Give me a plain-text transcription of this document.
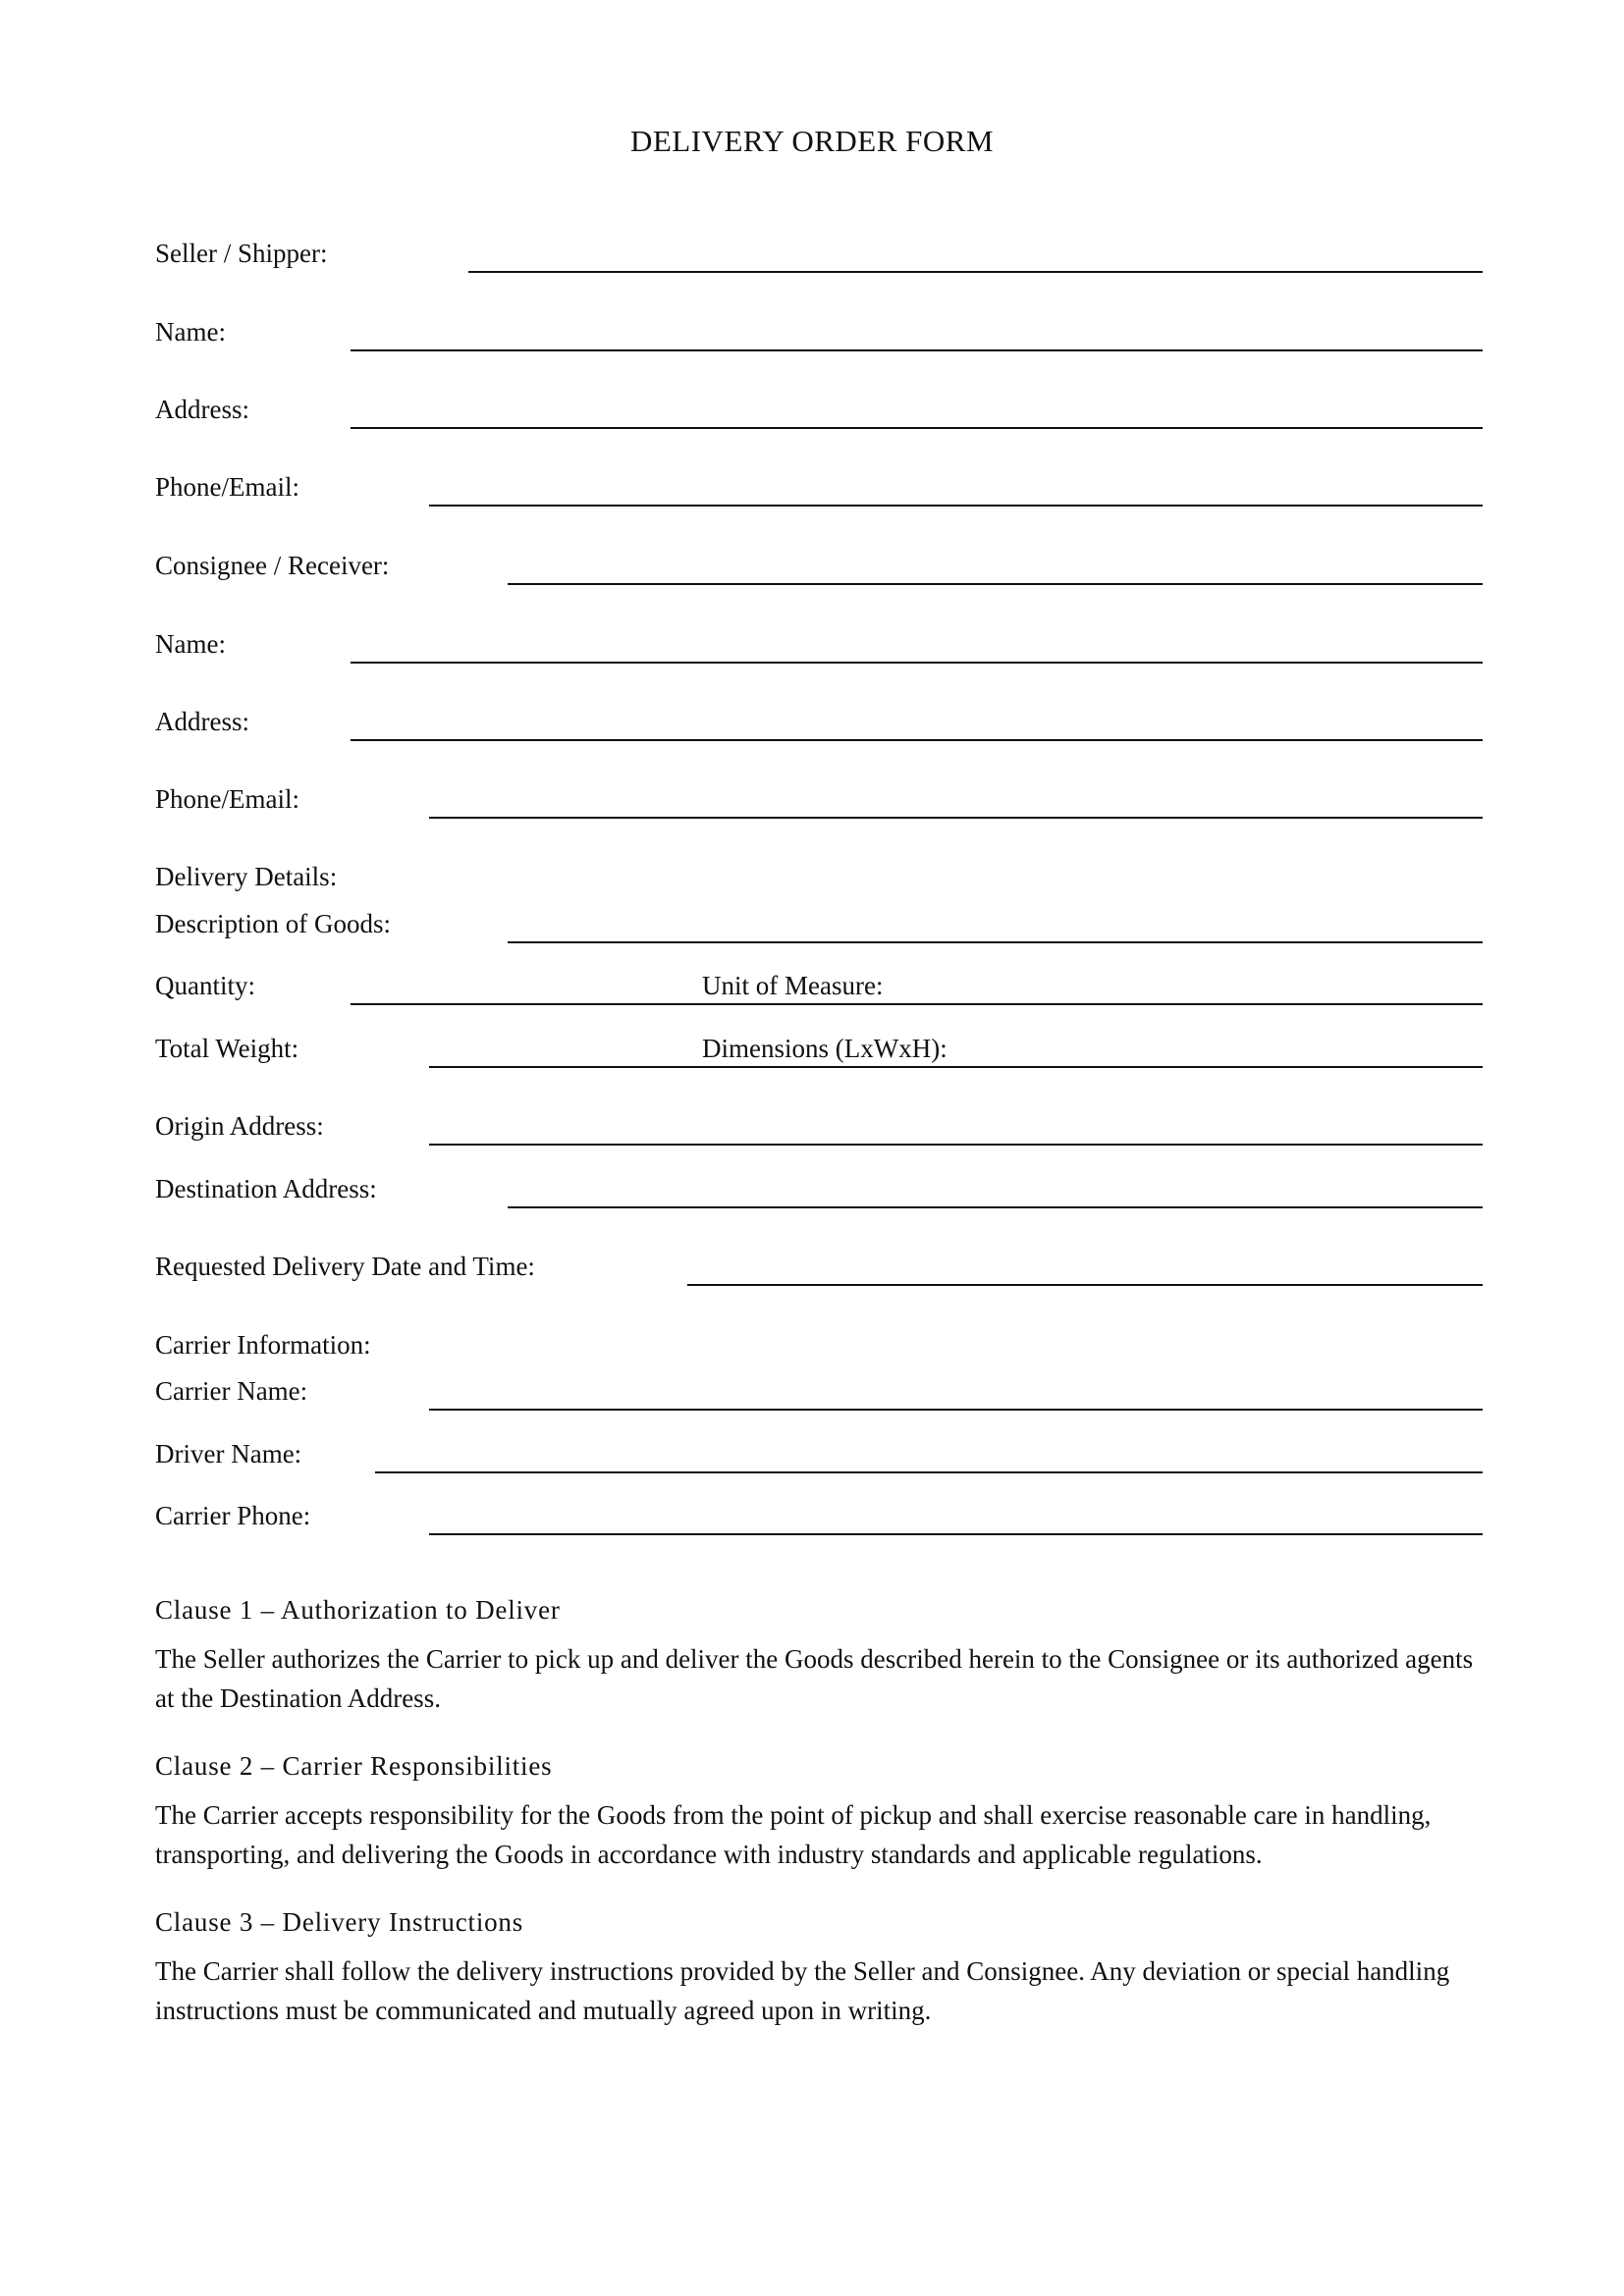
DELIVERY ORDER FORM
Seller / Shipper:
Name:
Address:
Phone/Email:
Consignee / Receiver:
Name:
Address:
Phone/Email:
Delivery Details:
Description of Goods:
Quantity:	Unit of Measure:
Total Weight:	Dimensions (LxWxH):
Origin Address:
Destination Address:
Requested Delivery Date and Time:
Carrier Information:
Carrier Name:
Driver Name:
Carrier Phone:
Clause 1 – Authorization to Deliver
The Seller authorizes the Carrier to pick up and deliver the Goods described herein to the Consignee or its authorized agents at the Destination Address.
Clause 2 – Carrier Responsibilities
The Carrier accepts responsibility for the Goods from the point of pickup and shall exercise reasonable care in handling, transporting, and delivering the Goods in accordance with industry standards and applicable regulations.
Clause 3 – Delivery Instructions
The Carrier shall follow the delivery instructions provided by the Seller and Consignee. Any deviation or special handling instructions must be communicated and mutually agreed upon in writing.
